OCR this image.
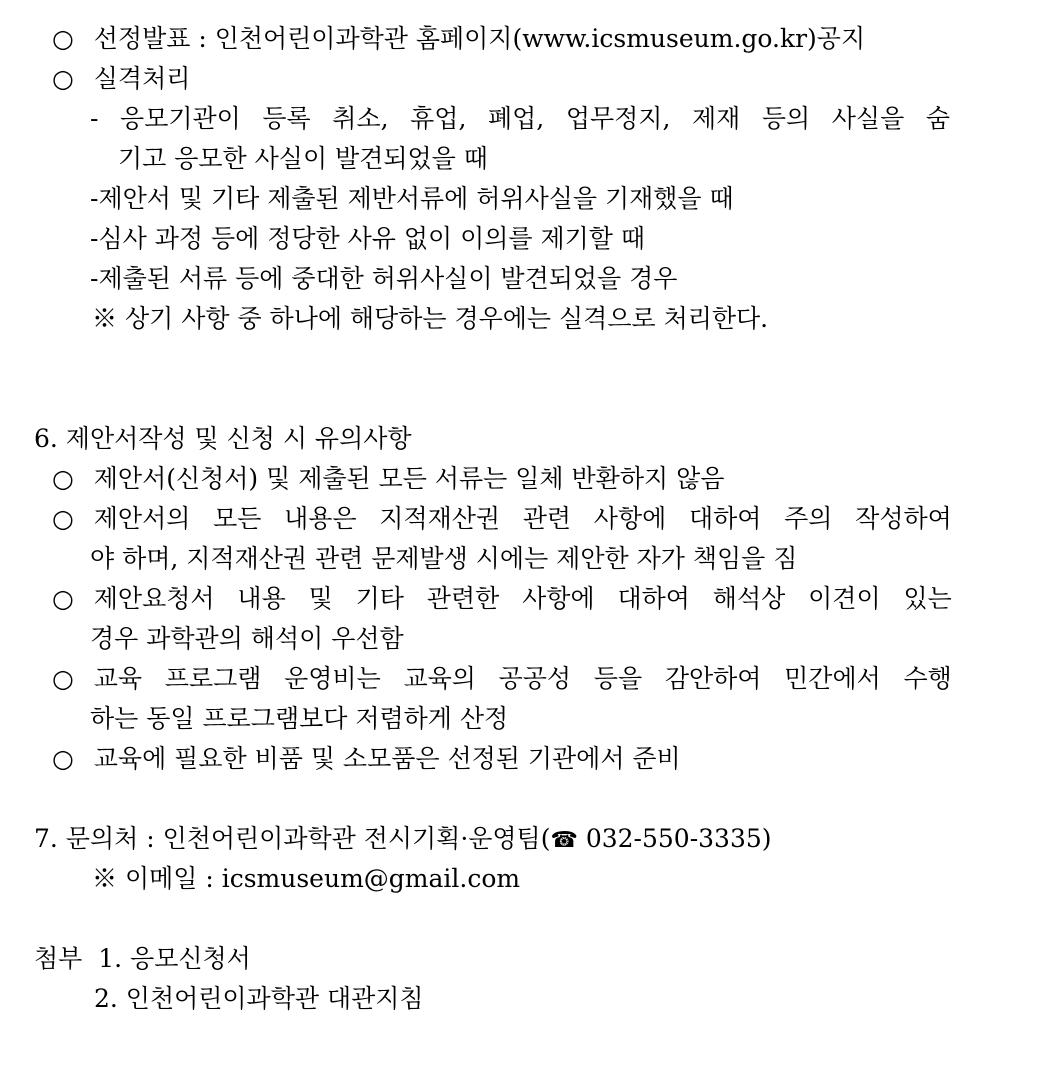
○ 선정발표 : 인천어린이과학관 홈페이지(www.icsmuseum.go.kr)공지
○ 실격처리
- 응모기관이 등록 취소, 휴업, 폐업, 업무정지, 제재 등의 사실을 숨
기고 응모한 사실이 발견되었을 때
-제안서 및 기타 제출된 제반서류에 허위사실을 기재했을 때
-심사 과정 등에 정당한 사유 없이 이의를 제기할 때
-제출된 서류 등에 중대한 허위사실이 발견되었을 경우
※ 상기 사항 중 하나에 해당하는 경우에는 실격으로 처리한다.
6. 제안서작성 및 신청 시 유의사항
○ 제안서(신청서) 및 제출된 모든 서류는 일체 반환하지 않음
○ 제안서의 모든 내용은 지적재산권 관련 사항에 대하여 주의 작성하여
야 하며, 지적재산권 관련 문제발생 시에는 제안한 자가 책임을 짐
○ 제안요청서 내용 및 기타 관련한 사항에 대하여 해석상 이견이 있는
경우 과학관의 해석이 우선함
○ 교육 프로그램 운영비는 교육의 공공성 등을 감안하여 민간에서 수행
하는 동일 프로그램보다 저렴하게 산정
○ 교육에 필요한 비품 및 소모품은 선정된 기관에서 준비
7. 문의처 : 인천어린이과학관 전시기획·운영팀(☎ 032-550-3335)
※ 이메일 : icsmuseum@gmail.com
첨부 1. 응모신청서
2. 인천어린이과학관 대관지침
